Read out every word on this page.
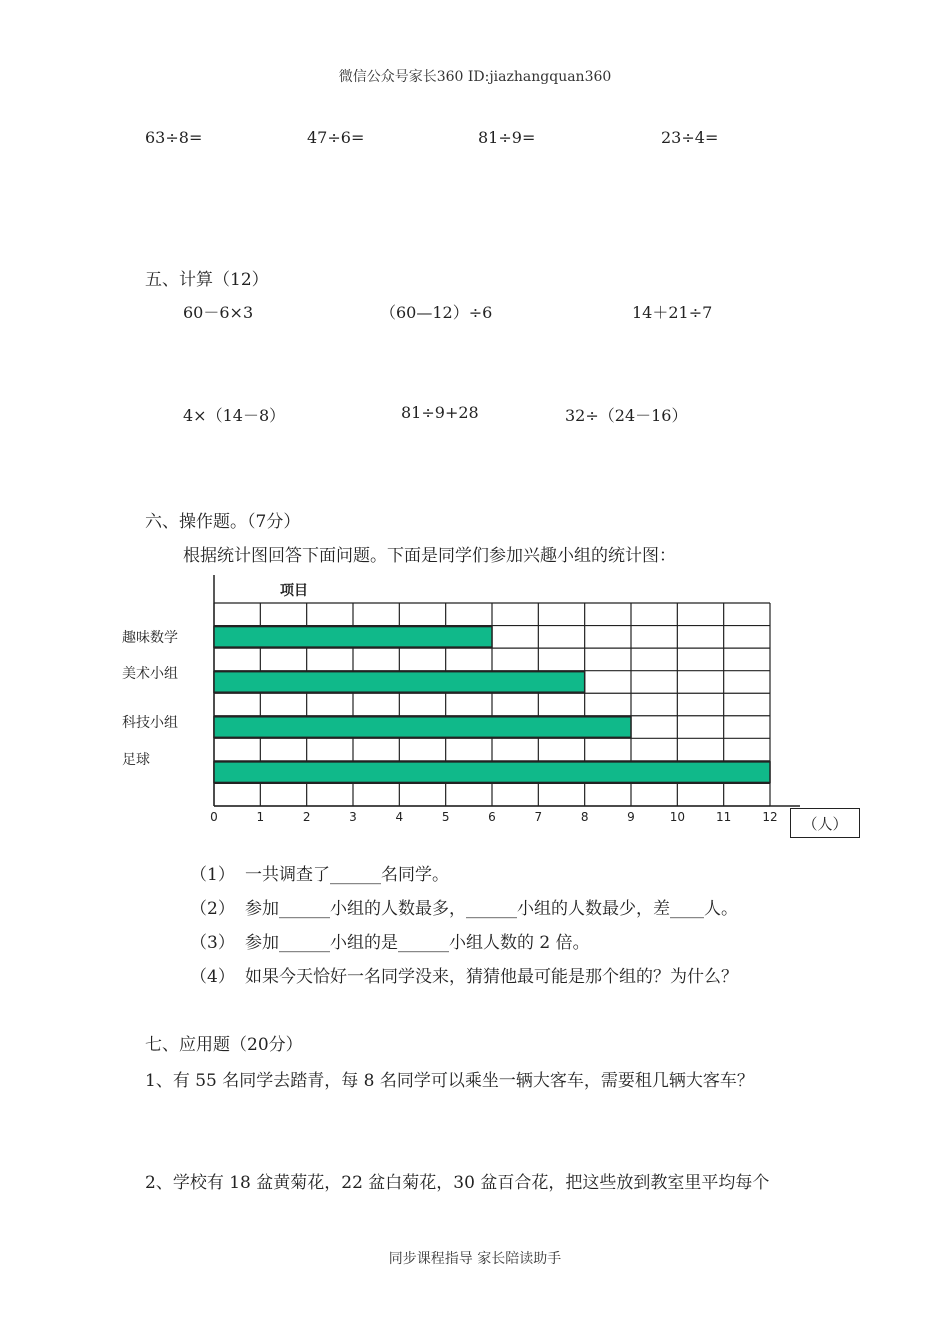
微信公众号家长360 ID:jiazhangquan360
63÷8=	47÷6=	81÷9=	23÷4=
五、计算（12）
60－6×3	（60—12）÷6	14＋21÷7
4×（14－8）	81÷9+28	32÷（24－16）
六、操作题。（7分）
根据统计图回答下面问题。下面是同学们参加兴趣小组的统计图：
项目
趣味数学
美术小组
科技小组
足球
0	1	2	3	4	5	6	7	8	9	10	11	12	（人）
（1） 一共调查了______名同学。
（2） 参加______小组的人数最多，______小组的人数最少，差____人。
（3） 参加______小组的是______小组人数的 2 倍。
（4） 如果今天恰好一名同学没来，猜猜他最可能是那个组的？为什么？
七、应用题（20分）
1、有 55 名同学去踏青，每 8 名同学可以乘坐一辆大客车，需要租几辆大客车？
2、学校有 18 盆黄菊花，22 盆白菊花，30 盆百合花，把这些放到教室里平均每个
同步课程指导 家长陪读助手
